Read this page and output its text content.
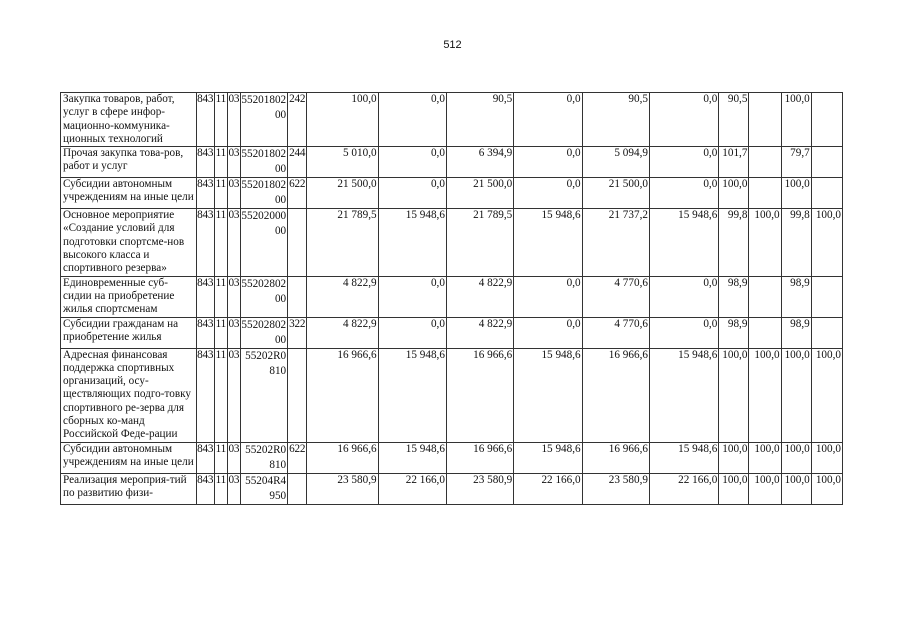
512
Закупка товаров, работ, услуг в сфере инфор-мационно-коммуника-ционных технологий	843	11	03	5520180200	242	100,0	0,0	90,5	0,0	90,5	0,0	90,5		100,0	
Прочая закупка това-ров, работ и услуг	843	11	03	5520180200	244	5 010,0	0,0	6 394,9	0,0	5 094,9	0,0	101,7		79,7	
Субсидии автономным учреждениям на иные цели	843	11	03	5520180200	622	21 500,0	0,0	21 500,0	0,0	21 500,0	0,0	100,0		100,0	
Основное мероприятие «Создание условий для подготовки спортсме-нов высокого класса и спортивного резерва»	843	11	03	5520200000		21 789,5	15 948,6	21 789,5	15 948,6	21 737,2	15 948,6	99,8	100,0	99,8	100,0
Единовременные суб-сидии на приобретение жилья спортсменам	843	11	03	5520280200		4 822,9	0,0	4 822,9	0,0	4 770,6	0,0	98,9		98,9	
Субсидии гражданам на приобретение жилья	843	11	03	5520280200	322	4 822,9	0,0	4 822,9	0,0	4 770,6	0,0	98,9		98,9	
Адресная финансовая поддержка спортивных организаций, осу-ществляющих подго-товку спортивного ре-зерва для сборных ко-манд Российской Феде-рации	843	11	03	55202R0810		16 966,6	15 948,6	16 966,6	15 948,6	16 966,6	15 948,6	100,0	100,0	100,0	100,0
Субсидии автономным учреждениям на иные цели	843	11	03	55202R0810	622	16 966,6	15 948,6	16 966,6	15 948,6	16 966,6	15 948,6	100,0	100,0	100,0	100,0
Реализация мероприя-тий по развитию физи-	843	11	03	55204R4950		23 580,9	22 166,0	23 580,9	22 166,0	23 580,9	22 166,0	100,0	100,0	100,0	100,0
